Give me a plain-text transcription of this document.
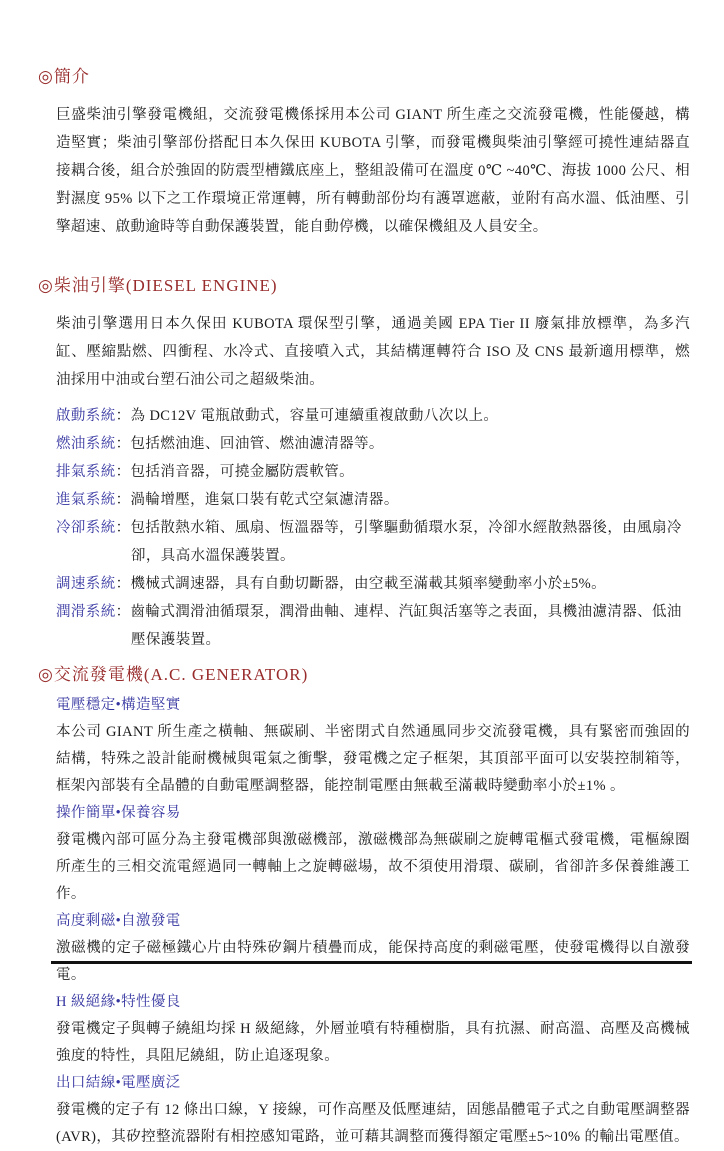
◎簡介
巨盛柴油引擎發電機組，交流發電機係採用本公司 GIANT 所生產之交流發電機，性能優越，構造堅實；柴油引擎部份搭配日本久保田 KUBOTA 引擎，而發電機與柴油引擎經可撓性連結器直接耦合後，組合於強固的防震型槽鐵底座上，整組設備可在溫度 0℃ ~40℃、海拔 1000 公尺、相對濕度 95% 以下之工作環境正常運轉，所有轉動部份均有護罩遮蔽，並附有高水溫、低油壓、引擎超速、啟動逾時等自動保護裝置，能自動停機，以確保機組及人員安全。
◎柴油引擎(DIESEL ENGINE)
柴油引擎選用日本久保田 KUBOTA 環保型引擎，通過美國 EPA Tier II 廢氣排放標準，為多汽缸、壓縮點燃、四衝程、水冷式、直接噴入式，其結構運轉符合 ISO 及 CNS 最新適用標準，燃油採用中油或台塑石油公司之超級柴油。
啟動系統：為 DC12V 電瓶啟動式，容量可連續重複啟動八次以上。
燃油系統：包括燃油進、回油管、燃油濾清器等。
排氣系統：包括消音器，可撓金屬防震軟管。
進氣系統：渦輪增壓，進氣口裝有乾式空氣濾清器。
冷卻系統：包括散熱水箱、風扇、恆溫器等，引擎驅動循環水泵，冷卻水經散熱器後，由風扇冷卻，具高水溫保護裝置。
調速系統：機械式調速器，具有自動切斷器，由空載至滿載其頻率變動率小於±5%。
潤滑系統：齒輪式潤滑油循環泵，潤滑曲軸、連桿、汽缸與活塞等之表面，具機油濾清器、低油壓保護裝置。
◎交流發電機(A.C. GENERATOR)
電壓穩定•構造堅實
本公司 GIANT 所生產之橫軸、無碳刷、半密閉式自然通風同步交流發電機，具有緊密而強固的結構，特殊之設計能耐機械與電氣之衝擊，發電機之定子框架，其頂部平面可以安裝控制箱等，框架內部裝有全晶體的自動電壓調整器，能控制電壓由無載至滿載時變動率小於±1% 。
操作簡單•保養容易
發電機內部可區分為主發電機部與激磁機部，激磁機部為無碳刷之旋轉電樞式發電機，電樞線圈所產生的三相交流電經過同一轉軸上之旋轉磁場，故不須使用滑環、碳刷，省卻許多保養維護工作。
高度剩磁•自激發電
激磁機的定子磁極鐵心片由特殊矽鋼片積疊而成，能保持高度的剩磁電壓，使發電機得以自激發電。
H 級絕緣•特性優良
發電機定子與轉子繞組均採 H 級絕緣，外層並噴有特種樹脂，具有抗濕、耐高溫、高壓及高機械強度的特性，具阻尼繞組，防止追逐現象。
出口結線•電壓廣泛
發電機的定子有 12 條出口線，Y 接線，可作高壓及低壓連結，固態晶體電子式之自動電壓調整器(AVR)，其矽控整流器附有相控感知電路，並可藉其調整而獲得額定電壓±5~10% 的輸出電壓值。
